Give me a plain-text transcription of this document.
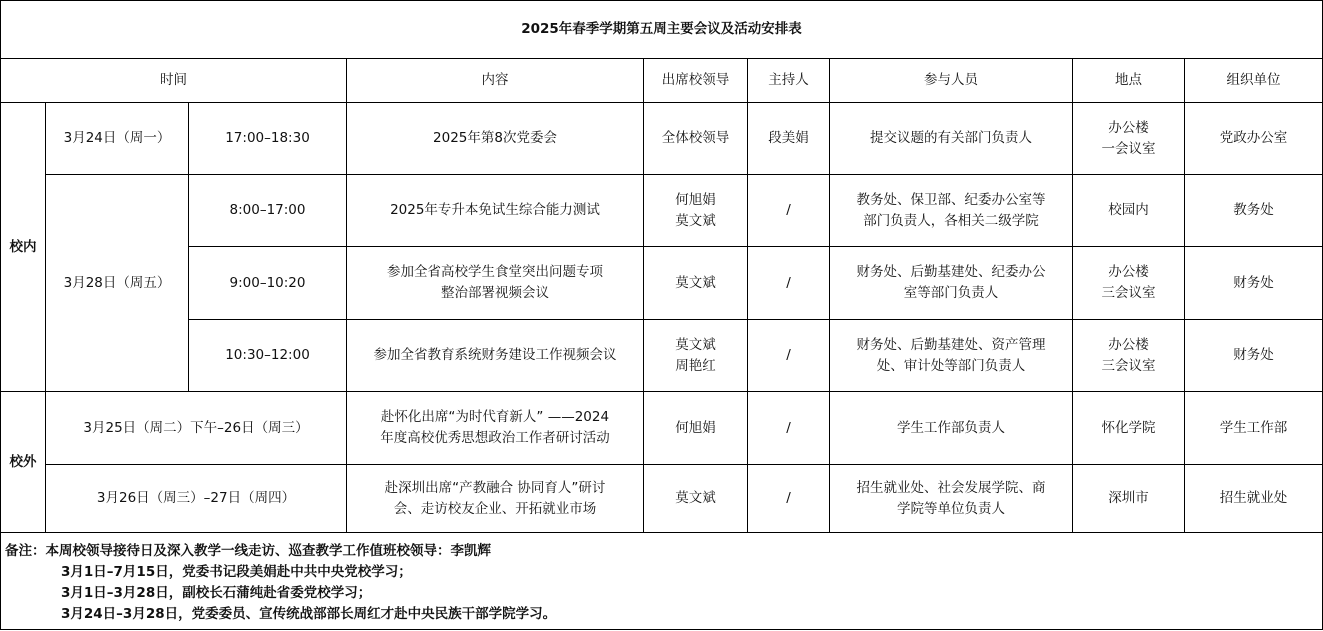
2025年春季学期第五周主要会议及活动安排表								
时间			内容	出席校领导	主持人	参与人员	地点	组织单位
校内	3月24日（周一）	17:00–18:30	2025年第8次党委会	全体校领导	段美娟	提交议题的有关部门负责人	办公楼
一会议室	党政办公室
	3月28日（周五）	8:00–17:00	2025年专升本免试生综合能力测试	何旭娟
莫文斌	/	教务处、保卫部、纪委办公室等
部门负责人，各相关二级学院	校园内	教务处
		9:00–10:20	参加全省高校学生食堂突出问题专项
整治部署视频会议	莫文斌	/	财务处、后勤基建处、纪委办公
室等部门负责人	办公楼
三会议室	财务处
		10:30–12:00	参加全省教育系统财务建设工作视频会议	莫文斌
周艳红	/	财务处、后勤基建处、资产管理
处、审计处等部门负责人	办公楼
三会议室	财务处
校外	3月25日（周二）下午–26日（周三）		赴怀化出席“为时代育新人” ——2024
年度高校优秀思想政治工作者研讨活动	何旭娟	/	学生工作部负责人	怀化学院	学生工作部
	3月26日（周三）–27日（周四）		赴深圳出席“产教融合 协同育人”研讨
会、走访校友企业、开拓就业市场	莫文斌	/	招生就业处、社会发展学院、商
学院等单位负责人	深圳市	招生就业处

备注：本周校领导接待日及深入教学一线走访、巡查教学工作值班校领导：李凯辉
3月1日–7月15日，党委书记段美娟赴中共中央党校学习；
3月1日–3月28日，副校长石蒲纯赴省委党校学习；
3月24日–3月28日，党委委员、宣传统战部部长周红才赴中央民族干部学院学习。								
